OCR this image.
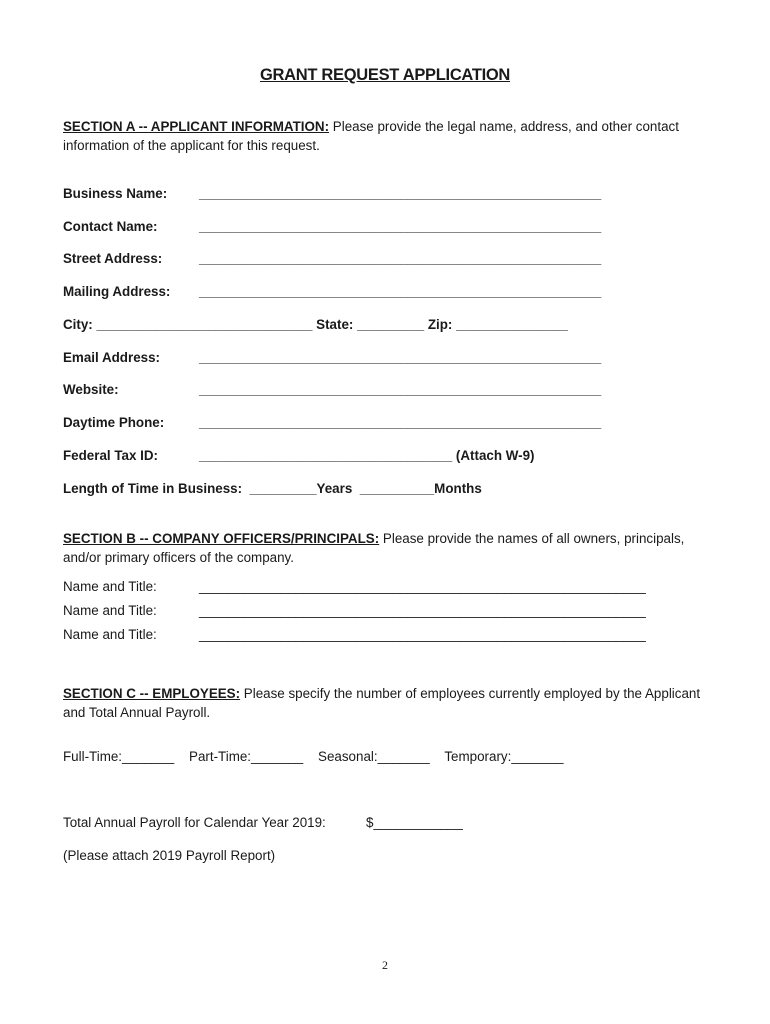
GRANT REQUEST APPLICATION
SECTION A -- APPLICANT INFORMATION: Please provide the legal name, address, and other contact information of the applicant for this request.
Business Name: ______________________________________________________
Contact Name:	______________________________________________________
Street Address:	______________________________________________________
Mailing Address: ______________________________________________________
City: _____________________________ State: _________ Zip: _______________
Email Address:	______________________________________________________
Website:	______________________________________________________
Daytime Phone:	______________________________________________________
Federal Tax ID:	__________________________________ (Attach W-9)
Length of Time in Business:  _________Years  __________Months
SECTION B -- COMPANY OFFICERS/PRINCIPALS: Please provide the names of all owners, principals, and/or primary officers of the company.
Name and Title:	____________________________________________________________
Name and Title:	____________________________________________________________
Name and Title:	____________________________________________________________
SECTION C -- EMPLOYEES: Please specify the number of employees currently employed by the Applicant and Total Annual Payroll.
Full-Time:_______    Part-Time:_______    Seasonal:_______    Temporary:_______
Total Annual Payroll for Calendar Year 2019:	$____________
(Please attach 2019 Payroll Report)
2
